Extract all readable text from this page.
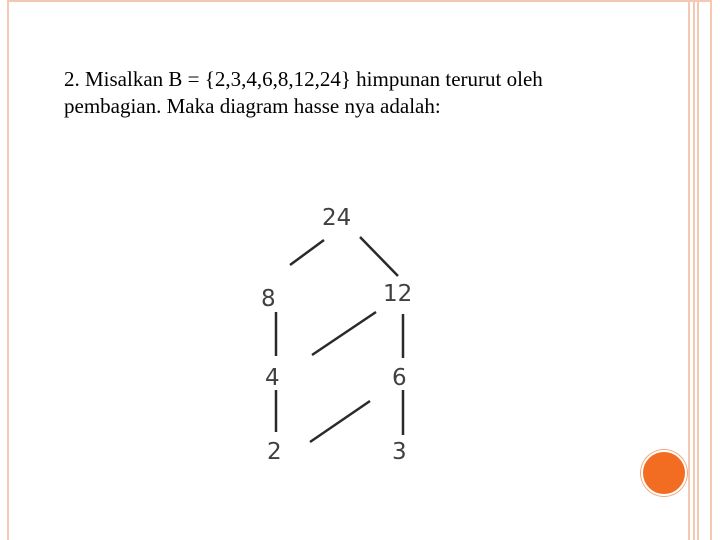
2. Misalkan B = {2,3,4,6,8,12,24} himpunan terurut oleh

pembagian. Maka diagram hasse nya adalah:

24
8	12
4	6
2	3
